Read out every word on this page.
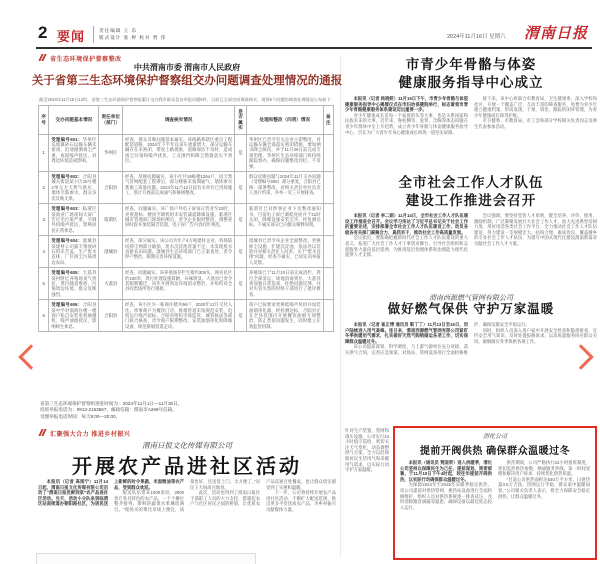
2 要闻	责任编辑 王 乐
版式设计 张 婷 校对 贾 伟	2024年11月16日 星期六 渭南日报
省生态环境保护督察整改
中共渭南市委 渭南市人民政府
关于省第三生态环境保护督察组交办问题调查处理情况的通报
截至2024年11月15日12时，省第三生态环境保护督察组累计交办我市群众信访举报问题6件，目前已全部完成调查核实，现将6个问题的调查处理情况公布如下：
序号	交办问题基本情况	责任单位（部门）	调查核实情况	是否属实	处理和整改（问责）情况	备注
1	受理编号601：华州区瓜坡镇砂石运输车辆未密闭，沿途抛洒扬尘严重，夜间噪声扰民，对周边环境造成影响。	华州区	经查，群众反映问题基本属实。该线路系辖区重点工程配套道路，2024年下半年以来车流量增大，部分运输车辆存在未密闭、带泥上路现象，道路保洁不及时，造成扬尘污染和噪声扰民，工点围挡和降尘措施落实不到位。	是	华州区已责令有关企业立即整改，对运输车辆全部落实密闭措施，增加洒水降尘频次，并于11月20日前完成专项治理。华州区生态环境部门将持续跟踪督办，确保问题整改到位、不反弹。	
2	受理编号602：合阳县城关街道某小区15号楼2单元无天然气供应，墙体空鼓渗水，群众多次反映无果。	合阳县	经查，反映问题属实。该小区共19栋楼1294户，因天然气管网配套工程滞后，部分楼栋未按期通气；墙体渗水系施工质量问题。2024年11月12日起有关单位已进场施工，预计月底前完成通气和修缮整改。	是	群众反映问题与2024年11月交办问题（受理编号606）部分重复，合阳县已统一部署整改，对相关责任单位负责人进行约谈，并举一反三开展排查。	
3	受理编号603：临渭区某商业广场夜间大屏广告灯光污染严重，空调外机噪声扰民，影响居民正常休息。	临渭区	经查，问题属实。该广场户外电子屏每日营业至22时，亮度超标；楼顶空调机组未安装减震降噪设施。临渭区城市管理部门现场检测后，责令企业限时整改，调整亮屏时段并加装隔音装置，电子屏广告内容同步规范。	是	临渭区已对涉事企业下达整改通知书，目前电子屏已调低亮度并于21时关闭，降噪设施安装完毕，经复测达标。不属实部分已向群众解释说明。	
4	受理编号604：澄城县某建材公司露天堆放砂石料未苫盖，生产废水直排，厂区扬尘污染周边农田。	澄城县	经查，部分属实。该公司为年产4万吨建材企业，料场防风抑尘网部分破损，废水沉淀池容量不足；未发现废水直排农田问题。澄城县生态环境部门已立案查处，责令停产整治，限期完善环保设施。	是	澄城县已责令该企业全面整改，更换抑尘设施、扩建沉淀池，依法处以罚款并对相关责任人问责。关于“废水直排”问题，经查不属实，已如实向举报人反馈。	
5	受理编号605：大荔县某村附近养殖场臭气扰民，粪污随意堆放，污染周边环境，群众反映强烈。	大荔县	经查，问题属实。该养殖场存栏生猪约300头，距居民区约100米，粪污处理设施简陋，异味明显。大荔县已责令其限期搬迁，同步开展周边环境消杀整治，并组织对全县同类场所进行摸排。	是	养殖场已于11月10日前完成清栏，粪污全部清运，场地消毒到位。大荔县将加强日常巡查，杜绝问题反弹，并对失管失察的村组干部进行了批评教育。	
6	受理编号606：合阳县某中学对面商住楼一楼商户私自安装电机抽烟机，噪声油烟扰民，影响师生休息。	合阳县	经查，该小区为一栋商住楼共96户，2020年12月交付入住。涉事商户为餐饮门店，排烟管道未按规范安装，电机运行噪声超标。合阳县组织市场监管、城管执法等部门联合核查，责令商户限期整改，安装油烟净化和降噪设备，规范排烟管道走向。	是	商户已按要求更换低噪声风机并加装油烟净化器，经检测达标。合阳县正在全县范围内开展餐饮油烟专项整治，防止类似问题发生，同时建立长效监管机制。	
省第三生态环境保护督察组进驻时间为：2024年11月1日—11月30日。
投诉举报电话为：0913-2153567，邮政信箱：渭南市A269号信箱。
受理举报电话时间：每天8:00—20:00。
汇聚强大合力 推进乡村振兴
渭南日报文化传媒有限公司
开展农产品进社区活动

本报讯（记者 高闻宁）11月14日起，渭南日报文化传媒有限公司启动了“渭南日报优鲜到家”农产品进社区活动。当天，活动小分队来到临渭区站南街道办朝阳路社区，为居民送上新鲜的时令果蔬、米面粮油等农产品，受到群众欢迎。

配送队伍带来1000余份、3900余斤各具特色的农产品，一个个摊位整齐排列，新鲜的蔬菜水果琳琅满目。“现场买的菜比市场上便宜，质量也好，还送货上门，太方便了。”居民王大妈高兴地说。

此次，活动也得到了渭南日报社干部职工人员的大力支持，搭建起农户与社区居民之间的桥梁，让优质农产品直通百姓餐桌，也让群众切实感受到了实惠和温暖。

下一步，公司将持续开展农产品进社区活动，不断扩大配送范围，推出更多平价优质农产品，为乡村振兴贡献媒体力量。

市青少年骨骼与体姿
健康服务指导中心成立

本报讯（记者 杨晓妍）11月15日下午，市青少年骨骼与体姿健康服务指导中心揭牌仪式在市妇幼保健院举行，标志着我市青少年骨骼健康服务体系建设迈出重要一步。

青少年健康成长是每一个家庭的头等大事，也是关系国家和民族未来的大事。近年来，脊柱侧弯、驼背、含胸等体态问题在青少年群体中呈上升趋势，成立青少年骨骼与体姿健康服务指导中心，旨在为广大青少年身心健康成长构筑一道坚实屏障。

接下来，该中心将联合市教育局、卫生健康委，深入学校和社区，开展一个覆盖广泛、互动丰富的筛查服务，免费为青少年建立健康档案，形成发现、干预、矫治、跟踪的闭环管理，为青少年健康成长保驾护航。

市卫健委、市教育局、市工会和部分学校相关负责同志及师生代表参加活动。

全市社会工作人才队伍
建设工作推进会召开

本报讯（记者 李二娟）11月14日，全市社会工作人才队伍建设工作推进会召开。会议学习传达了习近平总书记关于社会工作的重要论述，安排部署全市社会工作人才队伍建设工作，动员各级各有关部门凝聚合力、真抓实干，推动社会工作高质量发展。

会议指出，要准确把握新时代社会工作人才队伍建设的重大意义，拓宽广大社会工作人才干事创业舞台，引导社会组织和志愿服务力量向基层延伸，为推进基层治理体系和治理能力现代化提供人才支撑。

会议强调，要坚持党管人才原则，健全培养、评价、使用、激励机制，广泛凝聚发展壮大社会工作人才，加大先进典型培树力度，用好用活各类社会工作平台，全力推动社会工作人才队伍建设，努力建设一支规模宏大、结构合理、素质优良、覆盖城乡的专业社会工作人才队伍，为谱写中国式现代化建设渭南新篇章贡献社会工作人才力量。

渭南西源燃气管网有限公司
做好燃气保供 守护万家温暖

本报讯（记者 崔正博 通讯员 靳丁丁）11月13日至16日，用户陆续进入用气高峰。连日来，渭南西源燃气管网有限公司紧盯冬季供暖用气需求，扎实做好天然气购销储运各项工作，切实保障群众温暖过冬。

该公司提前谋划、科学调度，与上游气源单位充分对接，落实供气合同，完善应急预案，对场站、管网设备进行全面检修维护，确保设施安全平稳运行。

同时，组织人员深入用户家中开展安全检查和隐患排查，宣传安全用气知识，及时处置报修诉求，以高质量服务回应群众关切，做细做实冬季保供各项工作。

针对生产装置、管网和调压设施，公司实行24小时值守巡检，密切关注天气变化，动态调整供气方案，全力以赴保障居民生活用气和采暖用气需求，以实际行动守护万家温暖。

渭化公司
提前开阀供热 确保群众温暖过冬

本报讯（通讯员 贾国荣）进入供暖季，渭化公司坚持以保障民生为己任，提前谋划、周密部署，于11月10日下午4时起，较往年提前开阀供热，以实际行动确保群众温暖过冬。

为保障2024年至2025年采暖季稳定供热，该公司提前对供热管网、换热站设备进行全面检修维护，组织人员对供热系统逐一排查试压，及时消除跑冒滴漏等隐患，确保设备以最佳状态投入运行。

供热期间，公司严格执行24小时值班制度，密切监控供热参数，畅通服务热线，第一时间受理和解决用户诉求，持续优化供热质量。

“目前公司供热面积达540万平方米，日供热量3.6万吉焦，热网运行平稳，群众家中温暖如春。”公司相关负责人表示，将全力保障安全稳定供热，让群众温暖过冬。
